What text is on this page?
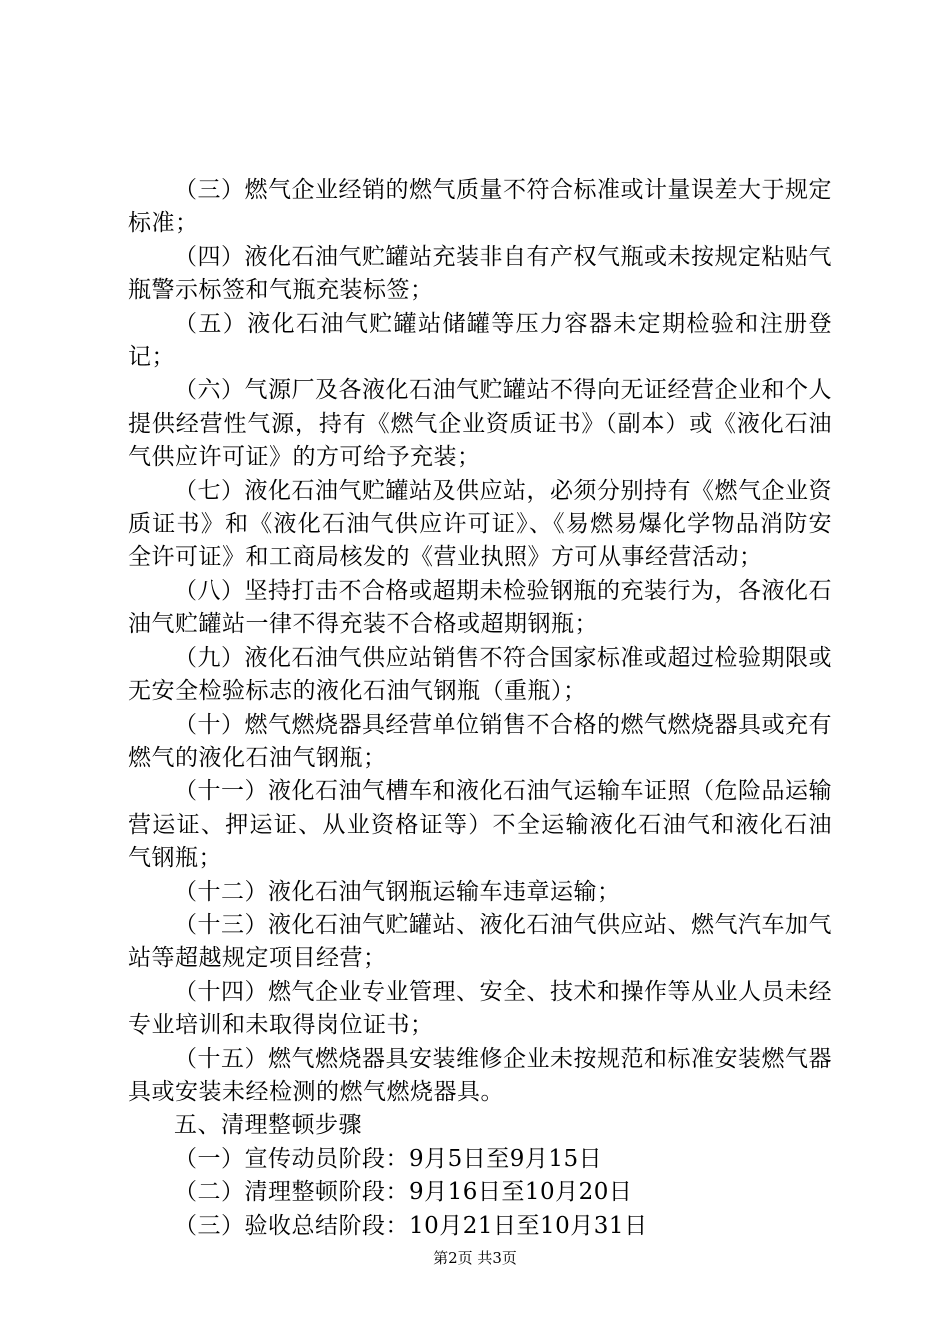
（三）燃气企业经销的燃气质量不符合标准或计量误差大于规定标准；

（四）液化石油气贮罐站充装非自有产权气瓶或未按规定粘贴气瓶警示标签和气瓶充装标签；

（五）液化石油气贮罐站储罐等压力容器未定期检验和注册登记；

（六）气源厂及各液化石油气贮罐站不得向无证经营企业和个人提供经营性气源，持有《燃气企业资质证书》（副本）或《液化石油气供应许可证》的方可给予充装；

（七）液化石油气贮罐站及供应站，必须分别持有《燃气企业资质证书》和《液化石油气供应许可证》、《易燃易爆化学物品消防安全许可证》和工商局核发的《营业执照》方可从事经营活动；

（八）坚持打击不合格或超期未检验钢瓶的充装行为，各液化石油气贮罐站一律不得充装不合格或超期钢瓶；

（九）液化石油气供应站销售不符合国家标准或超过检验期限或无安全检验标志的液化石油气钢瓶（重瓶）；

（十）燃气燃烧器具经营单位销售不合格的燃气燃烧器具或充有燃气的液化石油气钢瓶；

（十一）液化石油气槽车和液化石油气运输车证照（危险品运输营运证、押运证、从业资格证等）不全运输液化石油气和液化石油气钢瓶；

（十二）液化石油气钢瓶运输车违章运输；

（十三）液化石油气贮罐站、液化石油气供应站、燃气汽车加气站等超越规定项目经营；

（十四）燃气企业专业管理、安全、技术和操作等从业人员未经专业培训和未取得岗位证书；

（十五）燃气燃烧器具安装维修企业未按规范和标准安装燃气器具或安装未经检测的燃气燃烧器具。

五、清理整顿步骤

（一）宣传动员阶段：9月5日至9月15日

（二）清理整顿阶段：9月16日至10月20日

（三）验收总结阶段：10月21日至10月31日

第2页 共3页
